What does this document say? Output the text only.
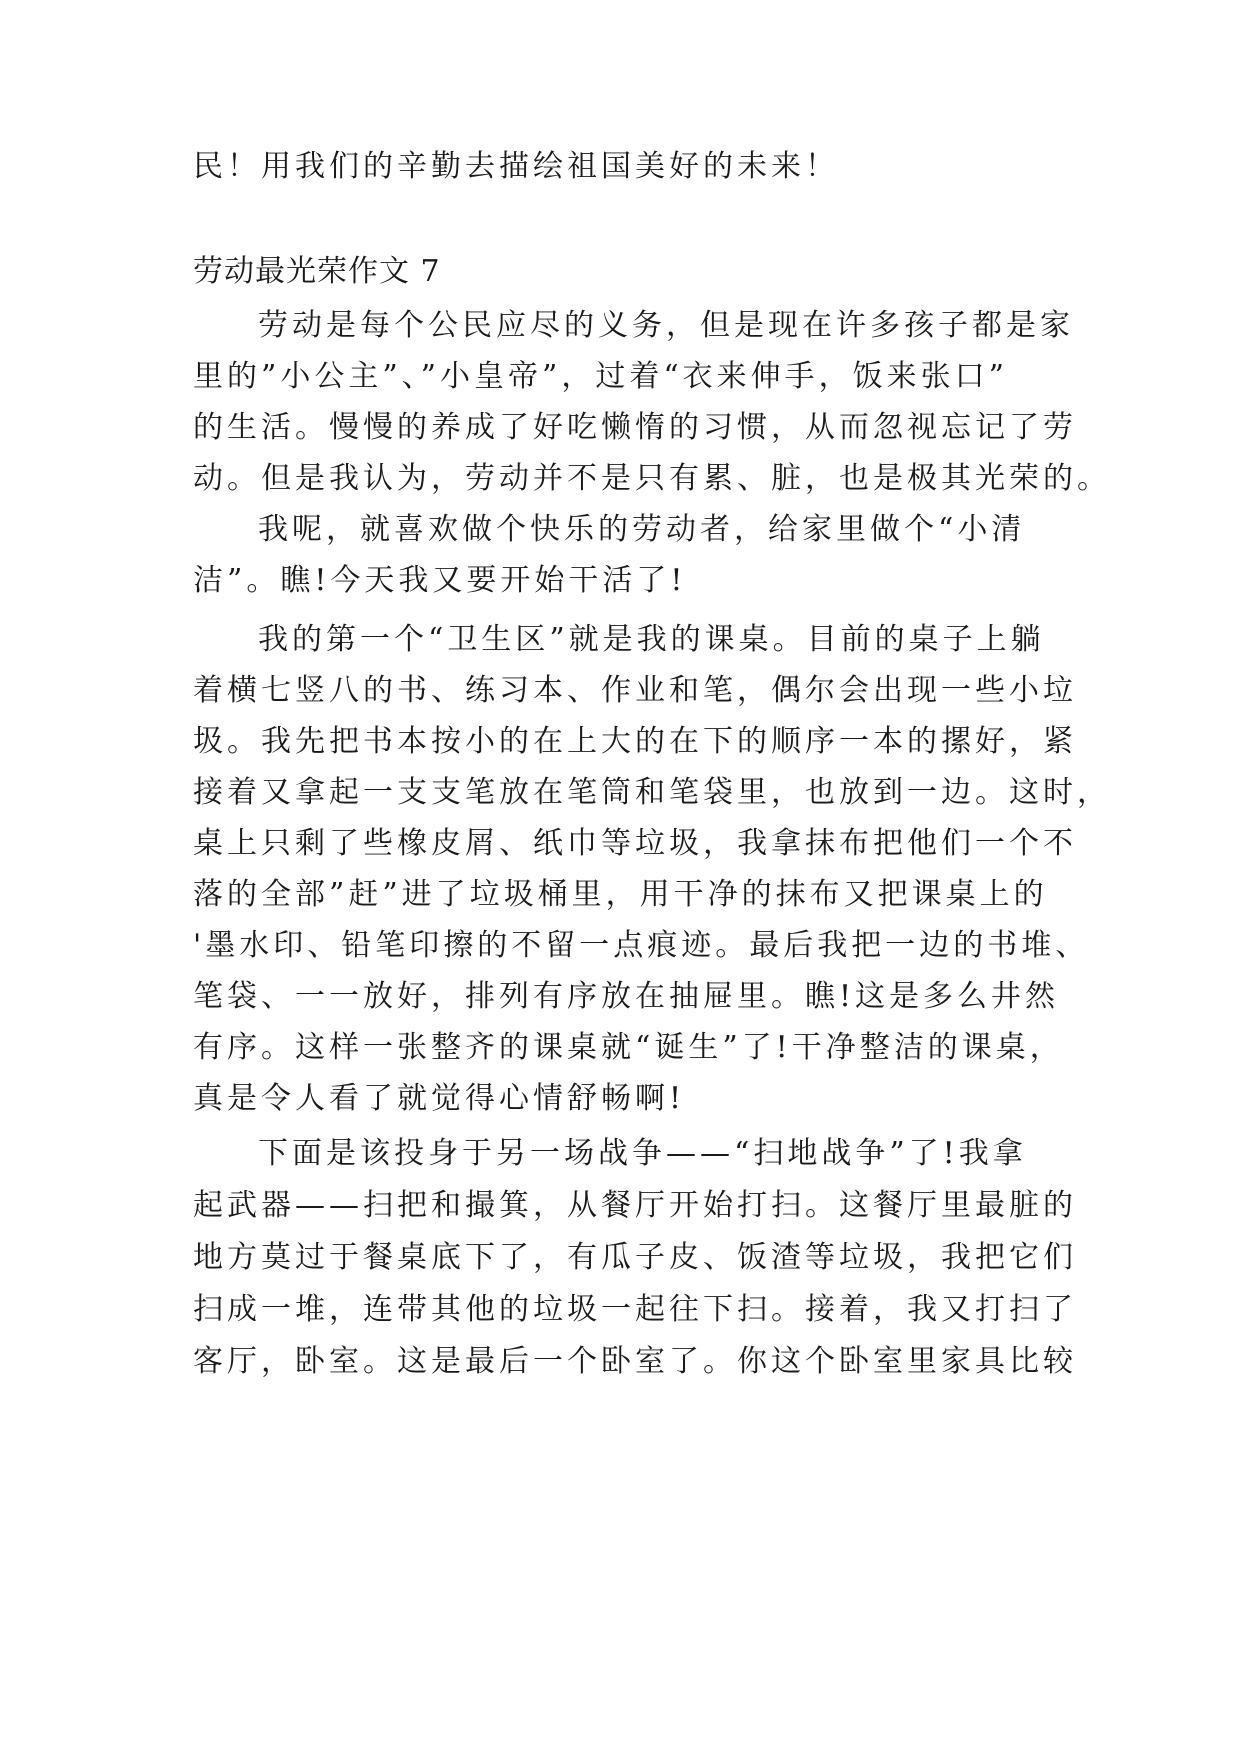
民！用我们的辛勤去描绘祖国美好的未来！
劳动最光荣作文 7
劳动是每个公民应尽的义务，但是现在许多孩子都是家
里的”小公主”、”小皇帝”，过着“衣来伸手，饭来张口”
的生活。慢慢的养成了好吃懒惰的习惯，从而忽视忘记了劳
动。但是我认为，劳动并不是只有累、脏，也是极其光荣的。
我呢，就喜欢做个快乐的劳动者，给家里做个“小清
洁”。瞧!今天我又要开始干活了!
我的第一个“卫生区”就是我的课桌。目前的桌子上躺
着横七竖八的书、练习本、作业和笔，偶尔会出现一些小垃
圾。我先把书本按小的在上大的在下的顺序一本的摞好，紧
接着又拿起一支支笔放在笔筒和笔袋里，也放到一边。这时，
桌上只剩了些橡皮屑、纸巾等垃圾，我拿抹布把他们一个不
落的全部”赶”进了垃圾桶里，用干净的抹布又把课桌上的
'墨水印、铅笔印擦的不留一点痕迹。最后我把一边的书堆、
笔袋、一一放好，排列有序放在抽屉里。瞧!这是多么井然
有序。这样一张整齐的课桌就“诞生”了!干净整洁的课桌，
真是令人看了就觉得心情舒畅啊!
下面是该投身于另一场战争——“扫地战争”了!我拿
起武器——扫把和撮箕，从餐厅开始打扫。这餐厅里最脏的
地方莫过于餐桌底下了，有瓜子皮、饭渣等垃圾，我把它们
扫成一堆，连带其他的垃圾一起往下扫。接着，我又打扫了
客厅，卧室。这是最后一个卧室了。你这个卧室里家具比较
